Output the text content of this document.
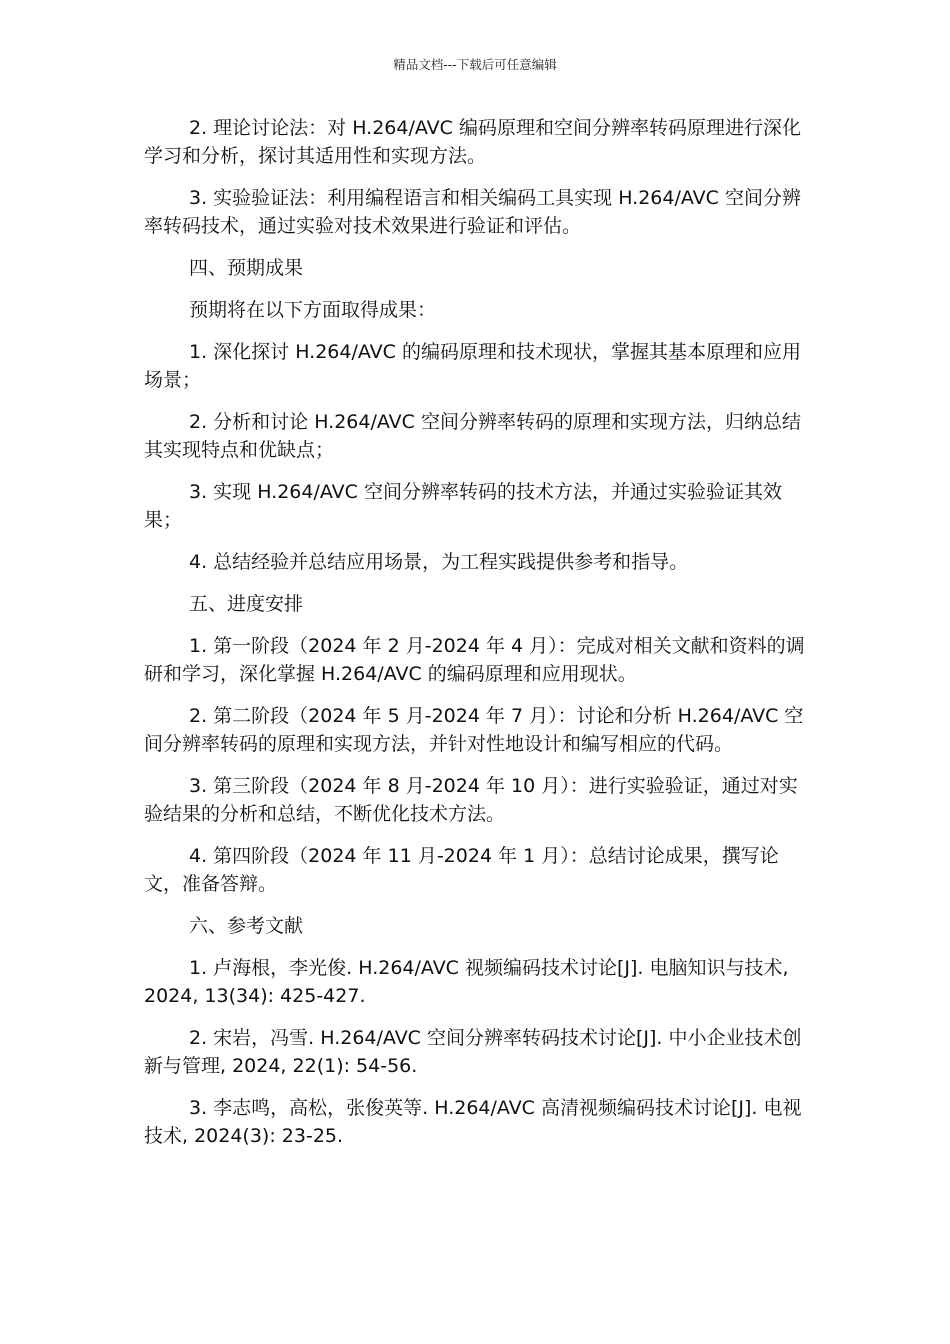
精品文档---下载后可任意编辑

2. 理论讨论法：对 H.264/AVC 编码原理和空间分辨率转码原理进行深化学习和分析，探讨其适用性和实现方法。

3. 实验验证法：利用编程语言和相关编码工具实现 H.264/AVC 空间分辨率转码技术，通过实验对技术效果进行验证和评估。

四、预期成果

预期将在以下方面取得成果：

1. 深化探讨 H.264/AVC 的编码原理和技术现状，掌握其基本原理和应用场景；

2. 分析和讨论 H.264/AVC 空间分辨率转码的原理和实现方法，归纳总结其实现特点和优缺点；

3. 实现 H.264/AVC 空间分辨率转码的技术方法，并通过实验验证其效果；

4. 总结经验并总结应用场景，为工程实践提供参考和指导。

五、进度安排

1. 第一阶段（2024 年 2 月-2024 年 4 月）：完成对相关文献和资料的调研和学习，深化掌握 H.264/AVC 的编码原理和应用现状。

2. 第二阶段（2024 年 5 月-2024 年 7 月）：讨论和分析 H.264/AVC 空间分辨率转码的原理和实现方法，并针对性地设计和编写相应的代码。

3. 第三阶段（2024 年 8 月-2024 年 10 月）：进行实验验证，通过对实验结果的分析和总结，不断优化技术方法。

4. 第四阶段（2024 年 11 月-2024 年 1 月）：总结讨论成果，撰写论文，准备答辩。

六、参考文献

1. 卢海根，李光俊. H.264/AVC 视频编码技术讨论[J]. 电脑知识与技术, 2024, 13(34): 425-427.

2. 宋岩，冯雪. H.264/AVC 空间分辨率转码技术讨论[J]. 中小企业技术创新与管理, 2024, 22(1): 54-56.

3. 李志鸣，高松，张俊英等. H.264/AVC 高清视频编码技术讨论[J]. 电视技术, 2024(3): 23-25.
